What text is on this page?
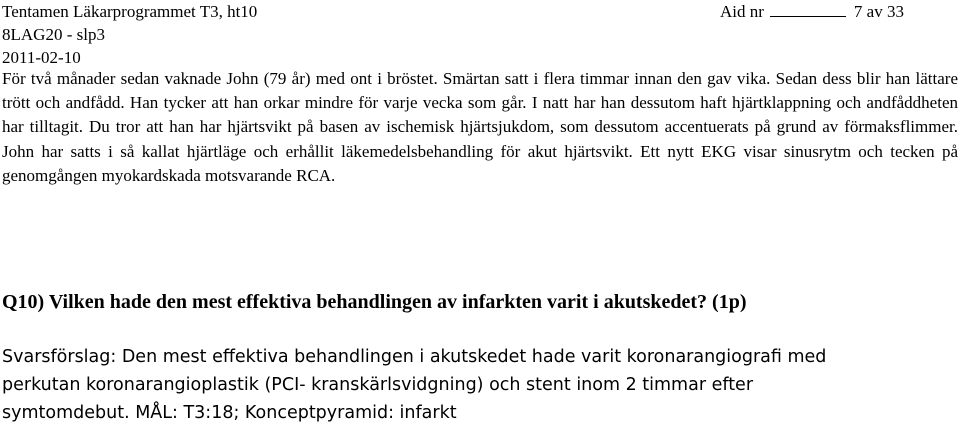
Tentamen Läkarprogrammet T3, ht10	Aid nr	7 av 33
8LAG20 - slp3
2011-02-10
För två månader sedan vaknade John (79 år) med ont i bröstet. Smärtan satt i flera timmar innan den gav vika. Sedan dess blir han lättare trött och andfådd. Han tycker att han orkar mindre för varje vecka som går. I natt har han dessutom haft hjärtklappning och andfåddheten har tilltagit. Du tror att han har hjärtsvikt på basen av ischemisk hjärtsjukdom, som dessutom accentuerats på grund av förmaksflimmer. John har satts i så kallat hjärtläge och erhållit läkemedelsbehandling för akut hjärtsvikt. Ett nytt EKG visar sinusrytm och tecken på genomgången myokardskada motsvarande RCA.
Q10) Vilken hade den mest effektiva behandlingen av infarkten varit i akutskedet? (1p)
Svarsförslag: Den mest effektiva behandlingen i akutskedet hade varit koronarangiografi med
perkutan koronarangioplastik (PCI- kranskärlsvidgning) och stent inom 2 timmar efter
symtomdebut. MÅL: T3:18; Konceptpyramid: infarkt
